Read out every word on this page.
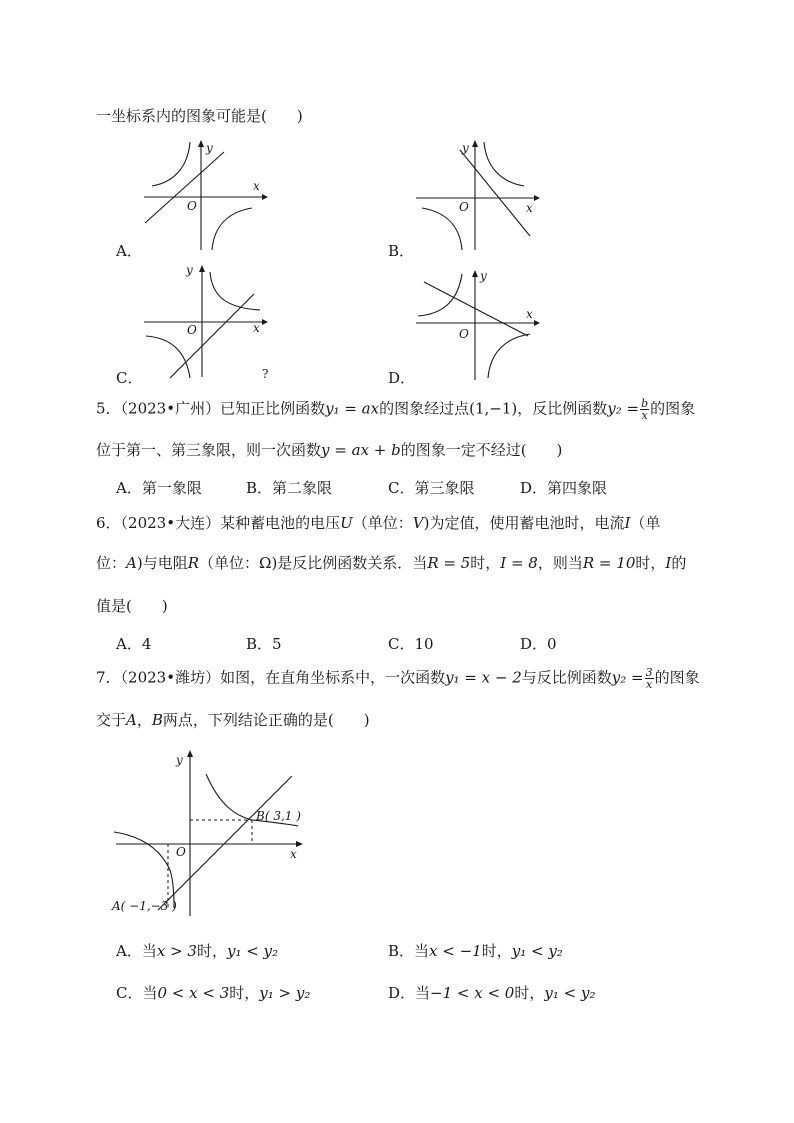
一坐标系内的图象可能是(　　)
x
y
O
A．
x
y
O
B．
x
y
O
C．	?
x
y
O
D．
5．（2023•广州）已知正比例函数y₁ = ax的图象经过点(1,−1)，反比例函数$y_2 = \frac{b}{x}$ 的图象
位于第一、第三象限，则一次函数y = ax + b的图象一定不经过(　　)
A．第一象限	B．第二象限	C．第三象限	D．第四象限
6．（2023•大连）某种蓄电池的电压U（单位：V)为定值，使用蓄电池时，电流I（单
位：A)与电阻R（单位：Ω)是反比例函数关系．当R = 5时，I = 8，则当R = 10时，I的
值是(　　)
A．4	B．5	C．10	D．0
7．（2023•潍坊）如图，在直角坐标系中，一次函数y₁ = x − 2与反比例函数$y_2 = \frac{3}{x}$ 的图象
交于A，B两点，下列结论正确的是(　　)
x
y
O
B( 3,1 )
A( −1,−3 )
A．当x > 3时，y₁ < y₂	B．当x < −1时，y₁ < y₂
C．当0 < x < 3时，y₁ > y₂	D．当−1 < x < 0时，y₁ < y₂
